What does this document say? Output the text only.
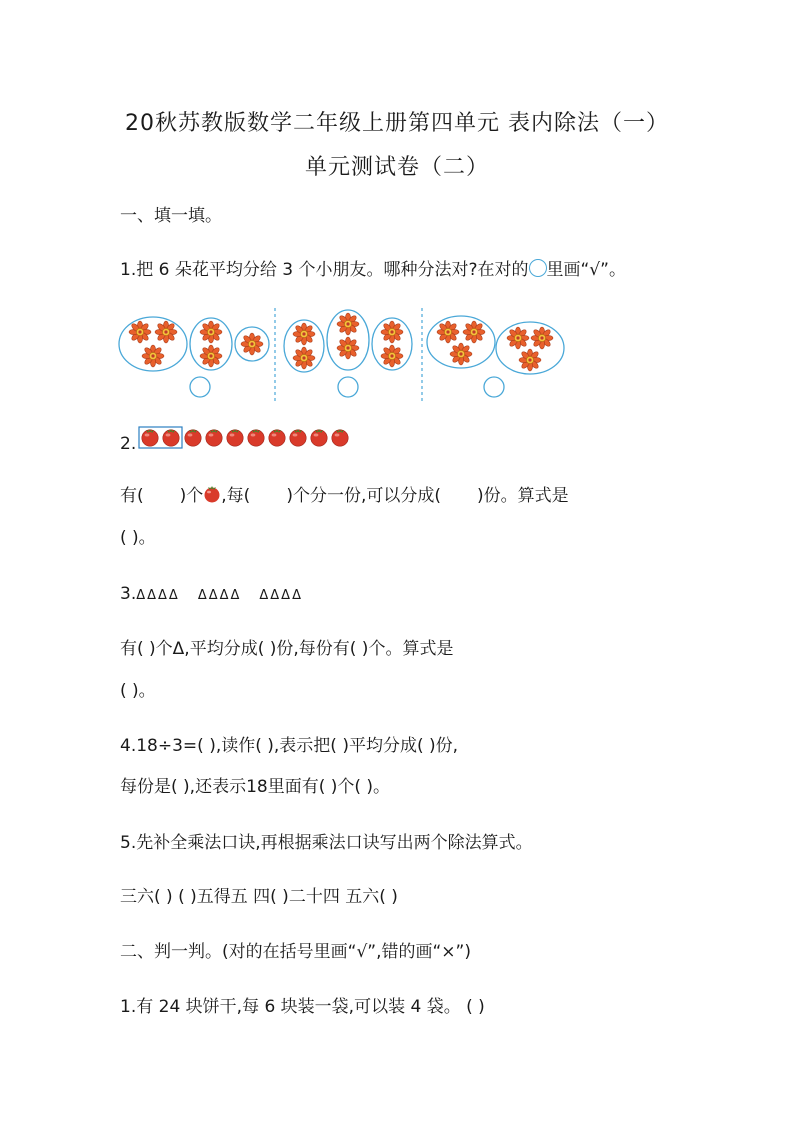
20秋苏教版数学二年级上册第四单元 表内除法（一）
单元测试卷（二）
一、填一填。
1.把 6 朵花平均分给 3 个小朋友。哪种分法对?在对的 里画“√”。
2.
有( )个 ,每( )个分一份,可以分成( )份。算式是
( )。
3.ΔΔΔΔ ΔΔΔΔ ΔΔΔΔ
有( )个Δ,平均分成( )份,每份有( )个。算式是
( )。
4.18÷3=( ),读作( ),表示把( )平均分成( )份,
每份是( ),还表示18里面有( )个( )。
5.先补全乘法口诀,再根据乘法口诀写出两个除法算式。
三六( ) ( )五得五 四( )二十四 五六( )
二、判一判。(对的在括号里画“√”,错的画“×”)
1.有 24 块饼干,每 6 块装一袋,可以装 4 袋。 ( )
